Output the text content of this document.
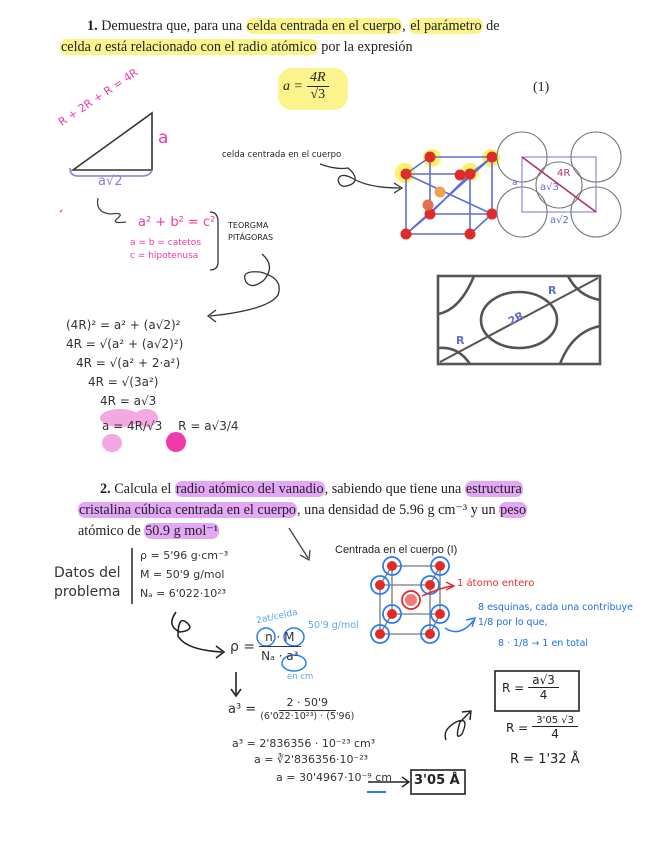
1. Demuestra que, para una celda centrada en el cuerpo, el parámetro de
celda a está relacionado con el radio atómico por la expresión
$a = \frac{4R}{√3}$	(1)
R + 2R + R = 4R
a
a√2
a² + b² = c²
a = b = catetos
c = hipotenusa
TEORGMA
PITÁGORAS
celda centrada en el cuerpo
4R
a√3
a
a√2
2R
R
R
(4R)² = a² + (a√2)²
4R = √(a² + (a√2)²)
4R = √(a² + 2·a²)
4R = √(3a²)
4R = a√3
a = 4R/√3 R = a√3/4
2. Calcula el radio atómico del vanadio, sabiendo que tiene una estructura
cristalina cúbica centrada en el cuerpo, una densidad de 5.96 g cm⁻³ y un peso
atómico de 50.9 g mol⁻¹
Datos del problema
ρ = 5'96 g·cm⁻³
M = 50'9 g/mol
Nₐ = 6'022·10²³
Centrada en el cuerpo (I)
1 átomo entero
8 esquinas, cada una contribuye 1/8 por lo que,
8 · 1/8 → 1 en total
2at/celda 50'9 g/mol
en cm
$\rho = \frac{n \cdot M}{\text{Nₐ · a³}}$
$a^3 = \frac{2 \cdot 50'9}{\text{(6'022·10²³) · (5'96)}}$
a³ = 2'836356 · 10⁻²³ cm³
a = ∛2'836356·10⁻²³
a = 30'4967·10⁻⁹ cm 3'05 Å
$R = \frac{a√3}{4}$
R =
3'05 √3
4
R = 1'32 Å
